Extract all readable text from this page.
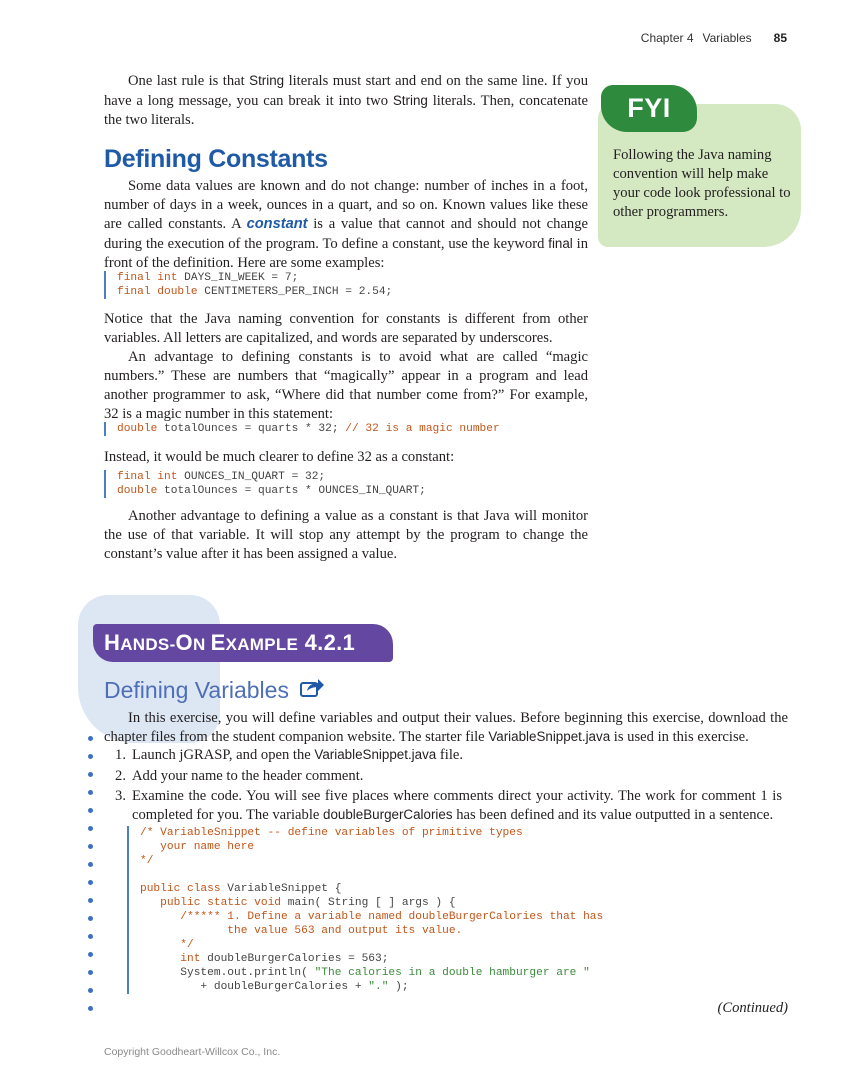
Chapter 4 Variables 85
FYI
Following the Java naming convention will help make your code look professional to other programmers.

One last rule is that String literals must start and end on the same line. If you have a long message, you can break it into two String literals. Then, concatenate the two literals.

Defining Constants

Some data values are known and do not change: number of inches in a foot, number of days in a week, ounces in a quart, and so on. Known values like these are called constants. A constant is a value that cannot and should not change during the execution of the program. To define a constant, use the keyword final in front of the definition. Here are some examples:

final int DAYS_IN_WEEK = 7;
final double CENTIMETERS_PER_INCH = 2.54;

Notice that the Java naming convention for constants is different from other variables. All letters are capitalized, and words are separated by underscores.

An advantage to defining constants is to avoid what are called “magic numbers.” These are numbers that “magically” appear in a program and lead another programmer to ask, “Where did that number come from?” For example, 32 is a magic number in this statement:

double totalOunces = quarts * 32; // 32 is a magic number

Instead, it would be much clearer to define 32 as a constant:

final int OUNCES_IN_QUART = 32;
double totalOunces = quarts * OUNCES_IN_QUART;

Another advantage to defining a value as a constant is that Java will monitor the use of that variable. It will stop any attempt by the program to change the constant’s value after it has been assigned a value.

HANDS-ON EXAMPLE 4.2.1
Defining Variables

In this exercise, you will define variables and output their values. Before beginning this exercise, download the chapter files from the student companion website. The starter file VariableSnippet.java is used in this exercise.

1. Launch jGRASP, and open the VariableSnippet.java file.
2. Add your name to the header comment.
3. Examine the code. You will see five places where comments direct your activity. The work for comment 1 is completed for you. The variable doubleBurgerCalories has been defined and its value outputted in a sentence.
/* VariableSnippet -- define variables of primitive types
your name here
*/

public class VariableSnippet {
public static void main( String [ ] args ) {
/***** 1. Define a variable named doubleBurgerCalories that has
the value 563 and output its value.
*/
int doubleBurgerCalories = 563;
System.out.println( "The calories in a double hamburger are "
+ doubleBurgerCalories + "." );
(Continued)
Copyright Goodheart-Willcox Co., Inc.
